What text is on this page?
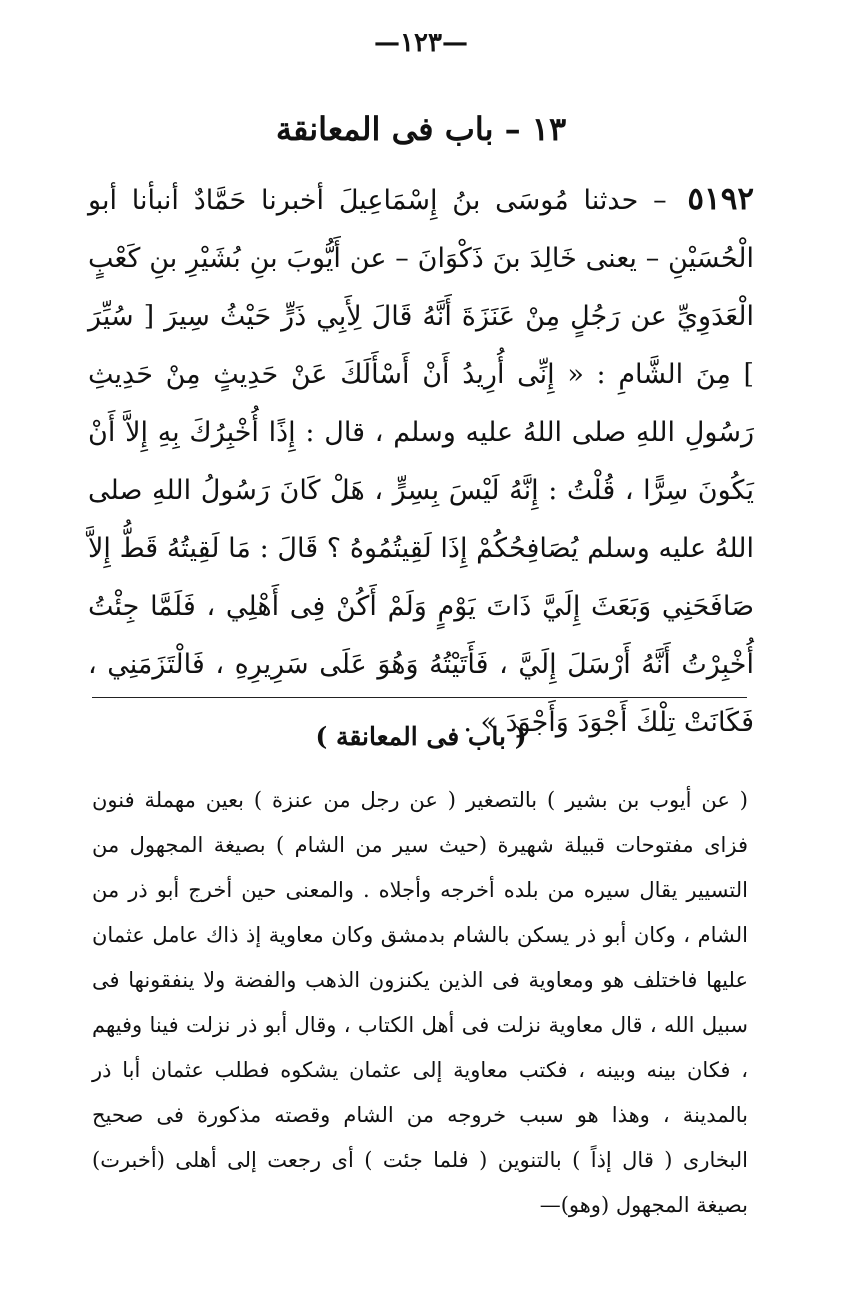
—١٢٣—
١٣ – باب فى المعانقة
٥١٩٢ – حدثنا مُوسَى بنُ إِسْمَاعِيلَ أخبرنا حَمَّادٌ أنبأنا أبو الْحُسَيْنِ – يعنى خَالِدَ بنَ ذَكْوَانَ – عن أَيُّوبَ بنِ بُشَيْرِ بنِ كَعْبٍ الْعَدَوِيِّ عن رَجُلٍ مِنْ عَنَزَةَ أَنَّهُ قَالَ لِأَبِي ذَرٍّ حَيْثُ سِيرَ [ سُيِّرَ ] مِنَ الشَّامِ : « إِنِّى أُرِيدُ أَنْ أَسْأَلَكَ عَنْ حَدِيثٍ مِنْ حَدِيثِ رَسُولِ اللهِ صلى اللهُ عليه وسلم ، قال : إِذًا أُخْبِرُكَ بِهِ إِلاَّ أَنْ يَكُونَ سِرًّا ، قُلْتُ : إِنَّهُ لَيْسَ بِسِرٍّ ، هَلْ كَانَ رَسُولُ اللهِ صلى اللهُ عليه وسلم يُصَافِحُكُمْ إِذَا لَقِيتُمُوهُ ؟ قَالَ : مَا لَقِيتُهُ قَطُّ إِلاَّ صَافَحَنِي وَبَعَثَ إِلَيَّ ذَاتَ يَوْمٍ وَلَمْ أَكُنْ فِى أَهْلِي ، فَلَمَّا جِئْتُ أُخْبِرْتُ أَنَّهُ أَرْسَلَ إِلَيَّ ، فَأَتَيْتُهُ وَهُوَ عَلَى سَرِيرِهِ ، فَالْتَزَمَنِي ، فَكَانَتْ تِلْكَ أَجْوَدَ وَأَجْوَدَ » .
( باب فى المعانقة )
( عن أيوب بن بشير ) بالتصغير ( عن رجل من عنزة ) بعين مهملة فنون فزاى مفتوحات قبيلة شهيرة (حيث سير من الشام ) بصيغة المجهول من التسيير يقال سيره من بلده أخرجه وأجلاه . والمعنى حين أخرج أبو ذر من الشام ، وكان أبو ذر يسكن بالشام بدمشق وكان معاوية إذ ذاك عامل عثمان عليها فاختلف هو ومعاوية فى الذين يكنزون الذهب والفضة ولا ينفقونها فى سبيل الله ، قال معاوية نزلت فى أهل الكتاب ، وقال أبو ذر نزلت فينا وفيهم ، فكان بينه وبينه ، فكتب معاوية إلى عثمان يشكوه فطلب عثمان أبا ذر بالمدينة ، وهذا هو سبب خروجه من الشام وقصته مذكورة فى صحيح البخارى ( قال إذاً ) بالتنوين ( فلما جئت ) أى رجعت إلى أهلى (أخبرت) بصيغة المجهول (وهو)—
